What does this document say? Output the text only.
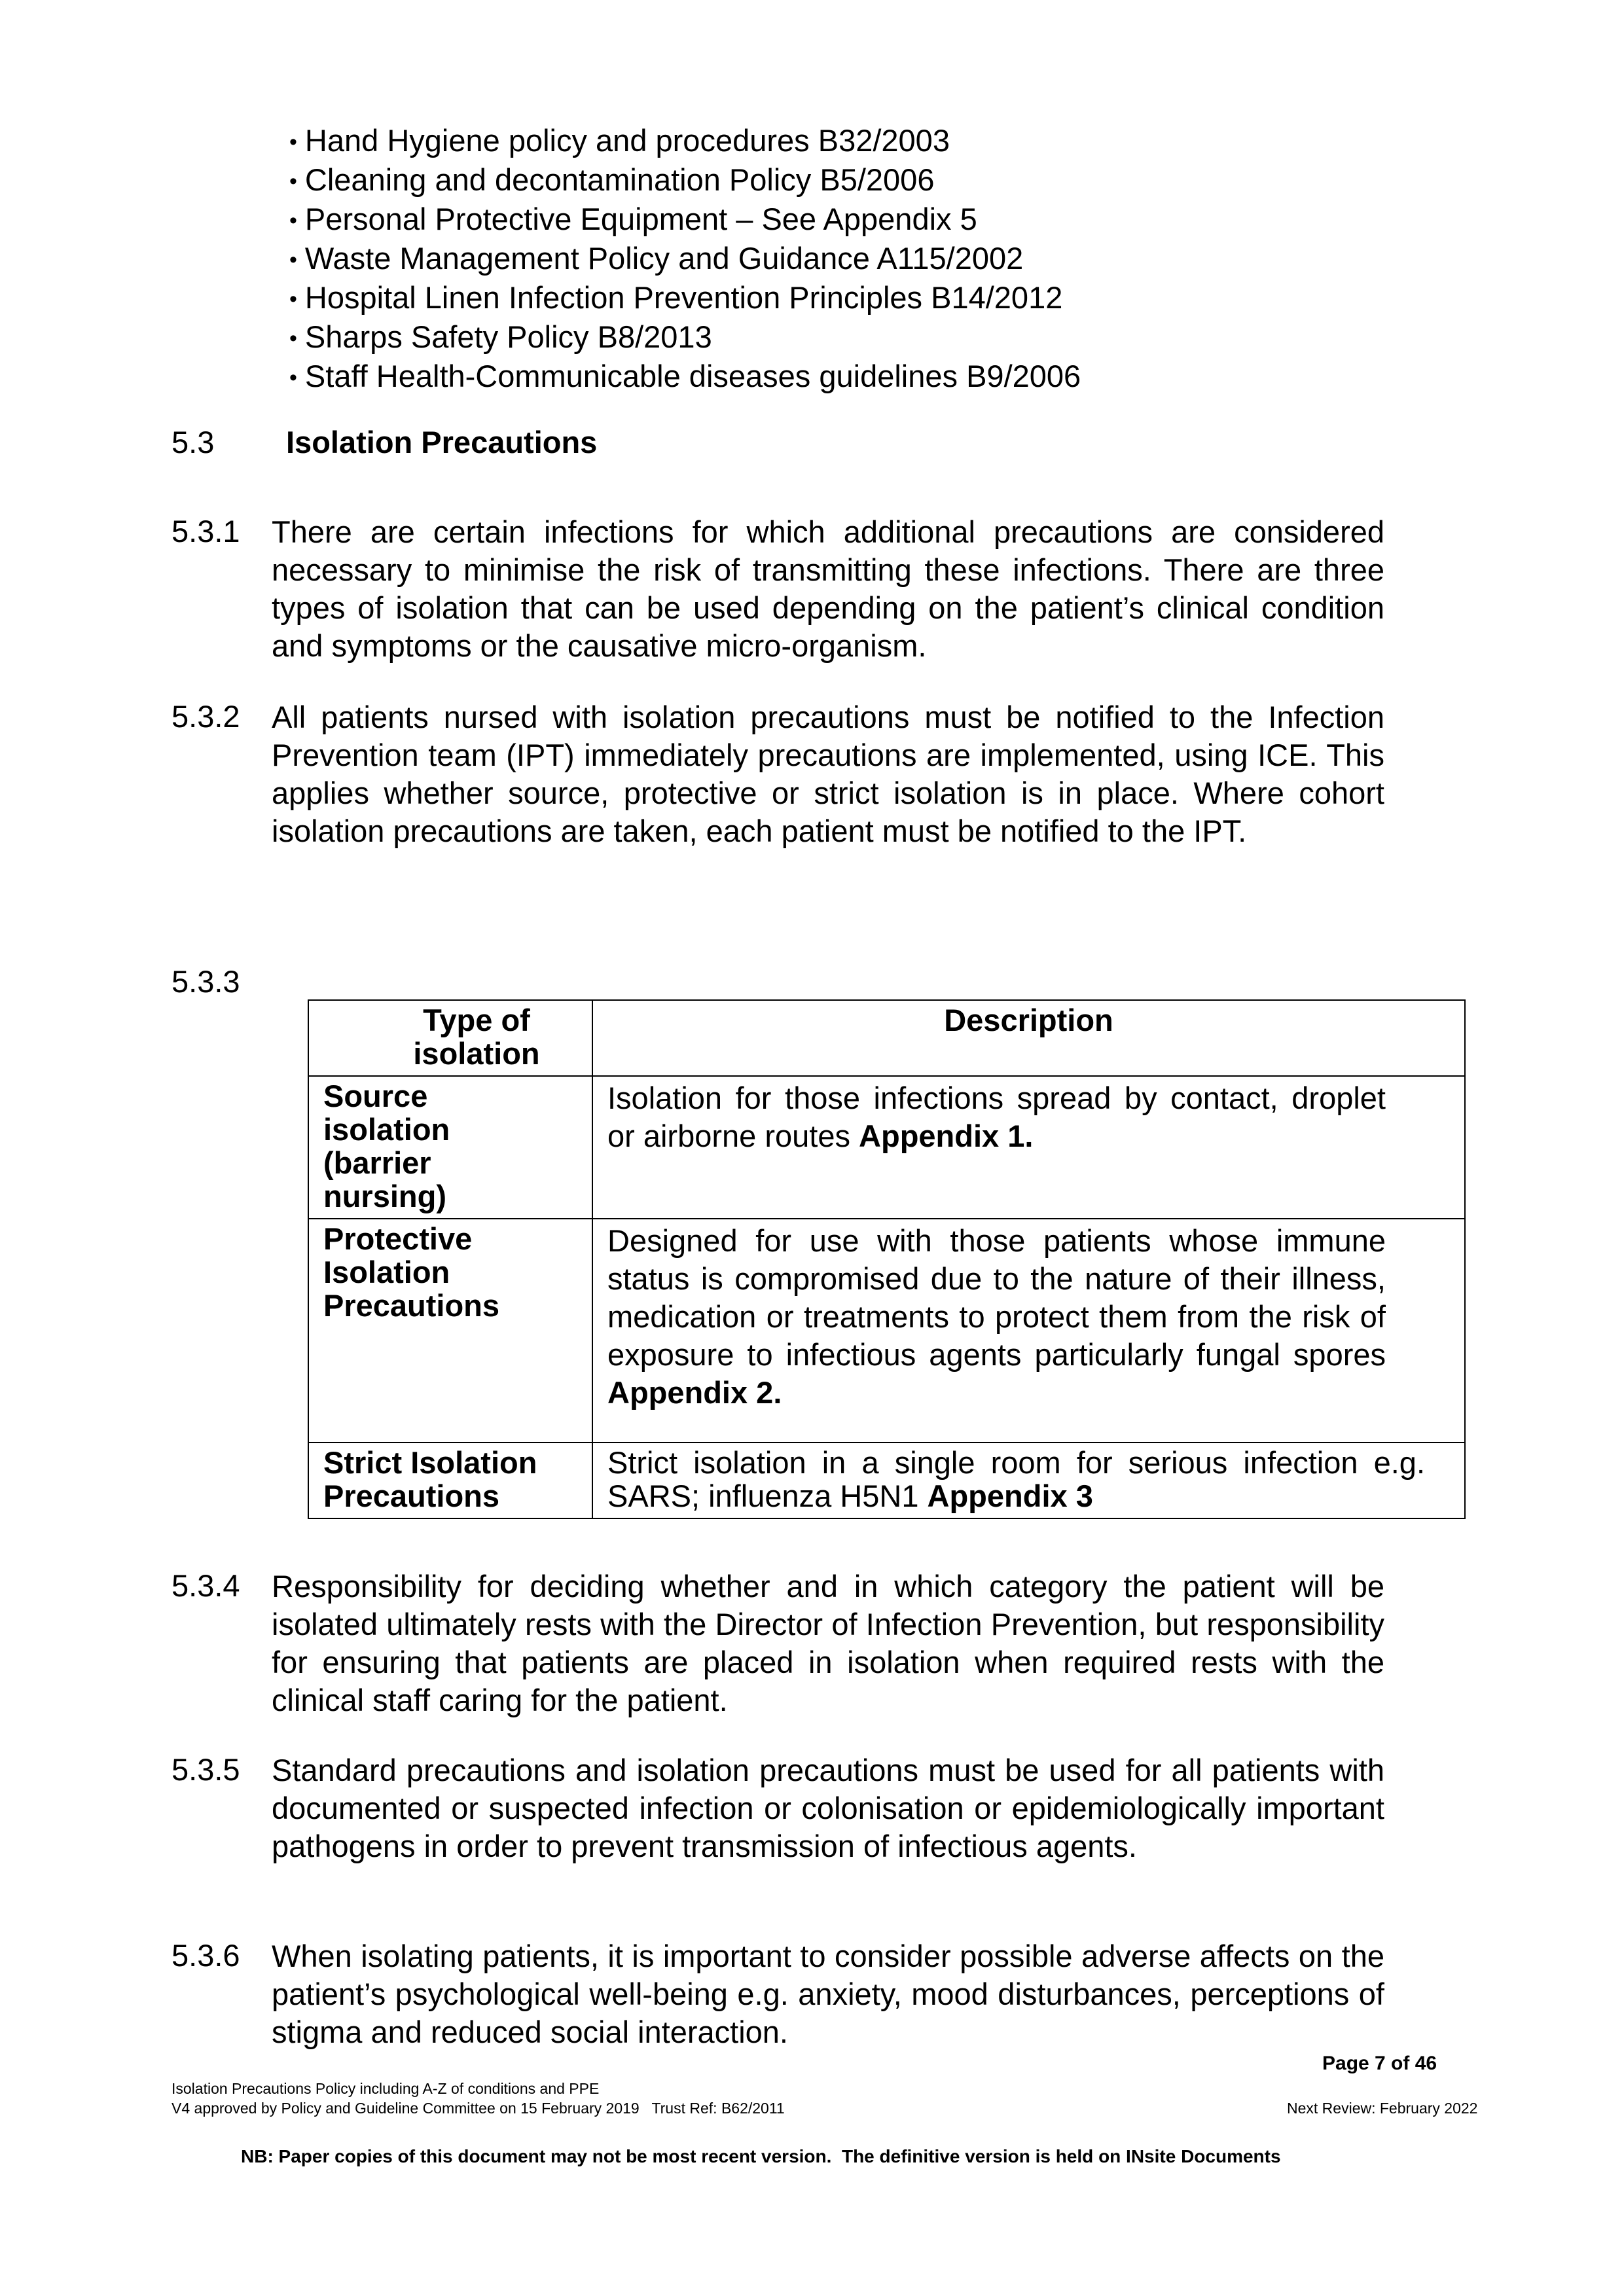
• Hand Hygiene policy and procedures B32/2003
• Cleaning and decontamination Policy B5/2006
• Personal Protective Equipment – See Appendix 5
• Waste Management Policy and Guidance A115/2002
• Hospital Linen Infection Prevention Principles B14/2012
• Sharps Safety Policy B8/2013
• Staff Health-Communicable diseases guidelines B9/2006
5.3 Isolation Precautions
5.3.1 There are certain infections for which additional precautions are considered necessary to minimise the risk of transmitting these infections. There are three types of isolation that can be used depending on the patient’s clinical condition and symptoms or the causative micro-organism.
5.3.2 All patients nursed with isolation precautions must be notified to the Infection Prevention team (IPT) immediately precautions are implemented, using ICE. This applies whether source, protective or strict isolation is in place. Where cohort isolation precautions are taken, each patient must be notified to the IPT.
5.3.3
Type of isolation	Description
Source isolation (barrier nursing)	Isolation for those infections spread by contact, droplet or airborne routes Appendix 1.
Protective Isolation Precautions	Designed for use with those patients whose immune status is compromised due to the nature of their illness, medication or treatments to protect them from the risk of exposure to infectious agents particularly fungal spores Appendix 2.
Strict Isolation Precautions	Strict isolation in a single room for serious infection e.g. SARS; influenza H5N1 Appendix 3
5.3.4 Responsibility for deciding whether and in which category the patient will be isolated ultimately rests with the Director of Infection Prevention, but responsibility for ensuring that patients are placed in isolation when required rests with the clinical staff caring for the patient.
5.3.5 Standard precautions and isolation precautions must be used for all patients with documented or suspected infection or colonisation or epidemiologically important pathogens in order to prevent transmission of infectious agents.
5.3.6 When isolating patients, it is important to consider possible adverse affects on the patient’s psychological well-being e.g. anxiety, mood disturbances, perceptions of stigma and reduced social interaction.
Page 7 of 46
Isolation Precautions Policy including A-Z of conditions and PPE
V4 approved by Policy and Guideline Committee on 15 February 2019   Trust Ref: B62/2011	Next Review: February 2022
NB: Paper copies of this document may not be most recent version.  The definitive version is held on INsite Documents
